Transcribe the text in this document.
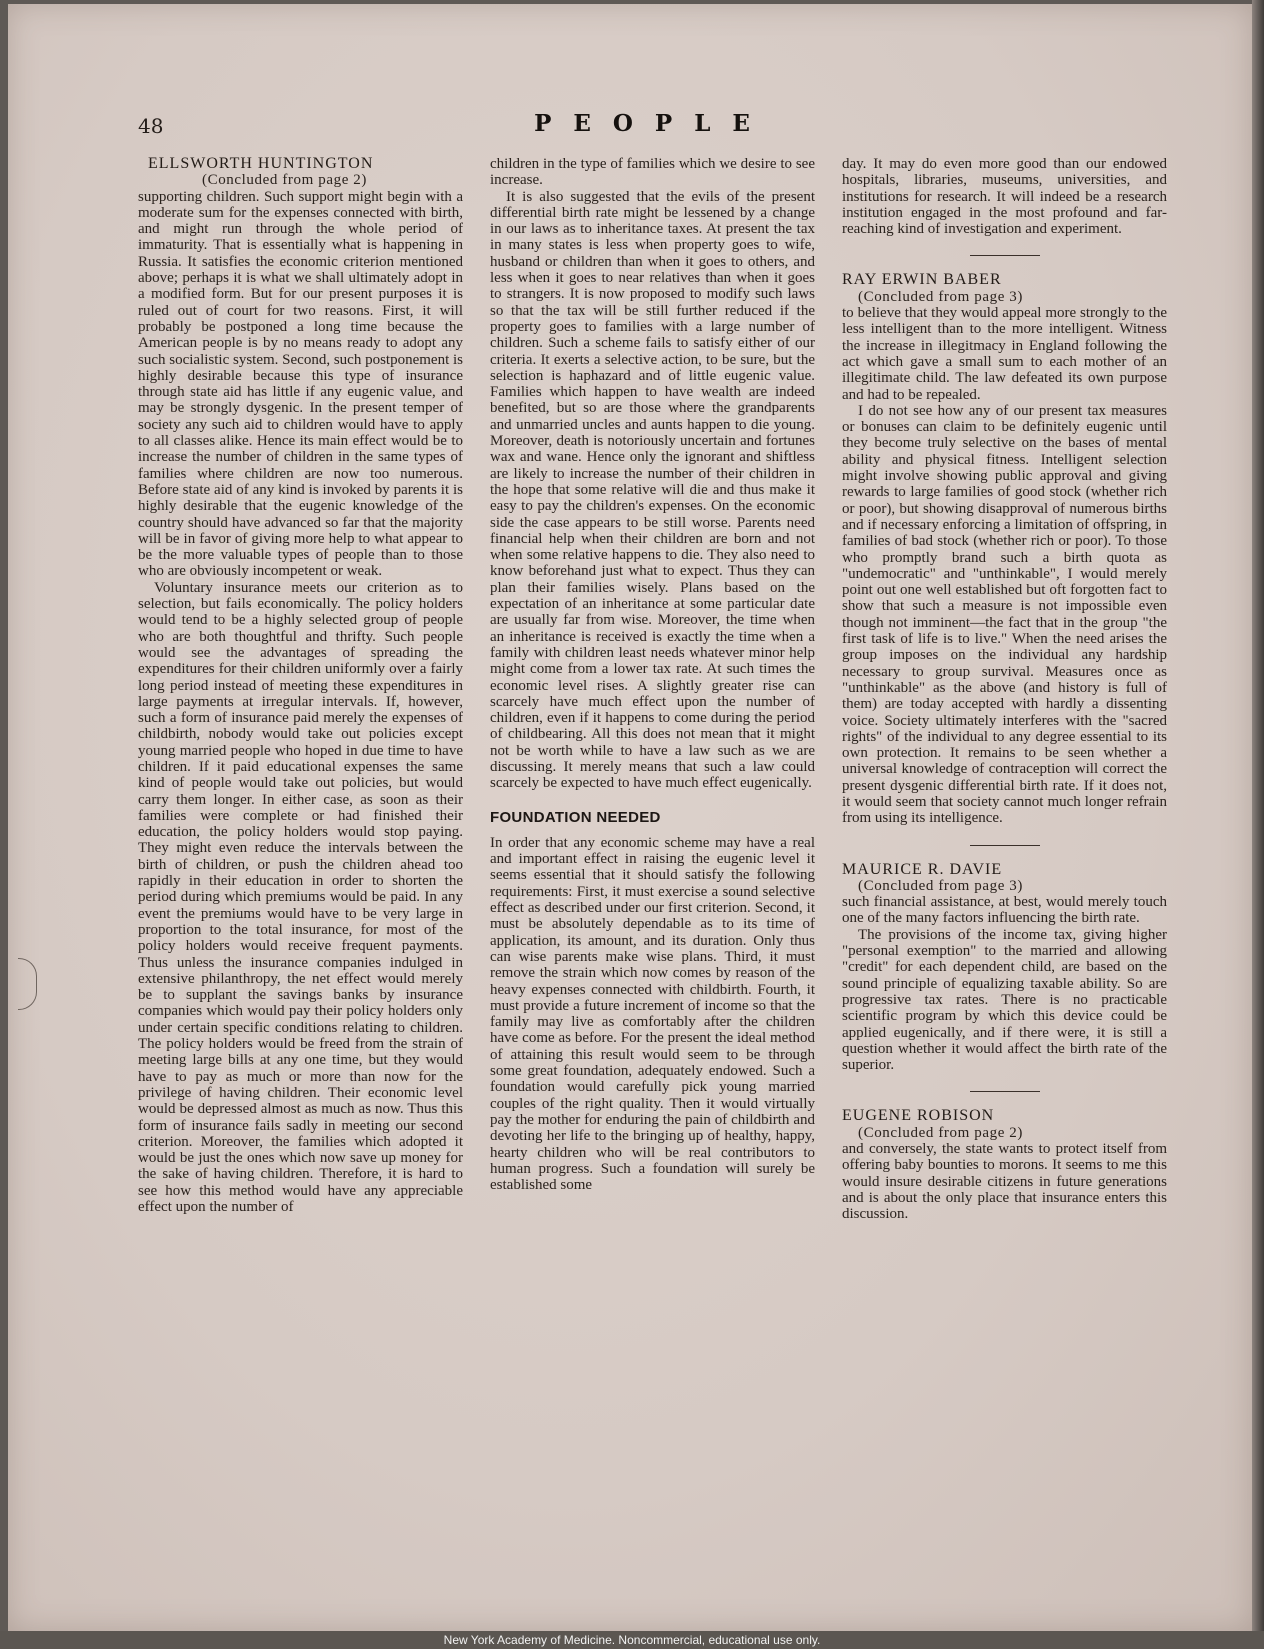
48	PEOPLE

ELLSWORTH HUNTINGTON

(Concluded from page 2)

supporting children. Such support might begin with a moderate sum for the expenses connected with birth, and might run through the whole period of immaturity. That is essentially what is happening in Russia. It satisfies the economic criterion mentioned above; perhaps it is what we shall ultimately adopt in a modified form. But for our present purposes it is ruled out of court for two reasons. First, it will probably be postponed a long time because the American people is by no means ready to adopt any such socialistic system. Second, such postponement is highly desirable because this type of insurance through state aid has little if any eugenic value, and may be strongly dysgenic. In the present temper of society any such aid to children would have to apply to all classes alike. Hence its main effect would be to increase the number of children in the same types of families where children are now too numerous. Before state aid of any kind is invoked by parents it is highly desirable that the eugenic knowledge of the country should have advanced so far that the majority will be in favor of giving more help to what appear to be the more valuable types of people than to those who are obviously incompetent or weak.

Voluntary insurance meets our criterion as to selection, but fails economically. The policy holders would tend to be a highly selected group of people who are both thoughtful and thrifty. Such people would see the advantages of spreading the expenditures for their children uniformly over a fairly long period instead of meeting these expenditures in large payments at irregular intervals. If, however, such a form of insurance paid merely the expenses of childbirth, nobody would take out policies except young married people who hoped in due time to have children. If it paid educational expenses the same kind of people would take out policies, but would carry them longer. In either case, as soon as their families were complete or had finished their education, the policy holders would stop paying. They might even reduce the intervals between the birth of children, or push the children ahead too rapidly in their education in order to shorten the period during which premiums would be paid. In any event the premiums would have to be very large in proportion to the total insurance, for most of the policy holders would receive frequent payments. Thus unless the insurance companies indulged in extensive philanthropy, the net effect would merely be to supplant the savings banks by insurance companies which would pay their policy holders only under certain specific conditions relating to children. The policy holders would be freed from the strain of meeting large bills at any one time, but they would have to pay as much or more than now for the privilege of having children. Their economic level would be depressed almost as much as now. Thus this form of insurance fails sadly in meeting our second criterion. Moreover, the families which adopted it would be just the ones which now save up money for the sake of having children. Therefore, it is hard to see how this method would have any appreciable effect upon the number of

children in the type of families which we desire to see increase.

It is also suggested that the evils of the present differential birth rate might be lessened by a change in our laws as to inheritance taxes. At present the tax in many states is less when property goes to wife, husband or children than when it goes to others, and less when it goes to near relatives than when it goes to strangers. It is now proposed to modify such laws so that the tax will be still further reduced if the property goes to families with a large number of children. Such a scheme fails to satisfy either of our criteria. It exerts a selective action, to be sure, but the selection is haphazard and of little eugenic value. Families which happen to have wealth are indeed benefited, but so are those where the grandparents and unmarried uncles and aunts happen to die young. Moreover, death is notoriously uncertain and fortunes wax and wane. Hence only the ignorant and shiftless are likely to increase the number of their children in the hope that some relative will die and thus make it easy to pay the children's expenses. On the economic side the case appears to be still worse. Parents need financial help when their children are born and not when some relative happens to die. They also need to know beforehand just what to expect. Thus they can plan their families wisely. Plans based on the expectation of an inheritance at some particular date are usually far from wise. Moreover, the time when an inheritance is received is exactly the time when a family with children least needs whatever minor help might come from a lower tax rate. At such times the economic level rises. A slightly greater rise can scarcely have much effect upon the number of children, even if it happens to come during the period of childbearing. All this does not mean that it might not be worth while to have a law such as we are discussing. It merely means that such a law could scarcely be expected to have much effect eugenically.

FOUNDATION NEEDED

In order that any economic scheme may have a real and important effect in raising the eugenic level it seems essential that it should satisfy the following requirements: First, it must exercise a sound selective effect as described under our first criterion. Second, it must be absolutely dependable as to its time of application, its amount, and its duration. Only thus can wise parents make wise plans. Third, it must remove the strain which now comes by reason of the heavy expenses connected with childbirth. Fourth, it must provide a future increment of income so that the family may live as comfortably after the children have come as before. For the present the ideal method of attaining this result would seem to be through some great foundation, adequately endowed. Such a foundation would carefully pick young married couples of the right quality. Then it would virtually pay the mother for enduring the pain of childbirth and devoting her life to the bringing up of healthy, happy, hearty children who will be real contributors to human progress. Such a foundation will surely be established some

day. It may do even more good than our endowed hospitals, libraries, museums, universities, and institutions for research. It will indeed be a research institution engaged in the most profound and far-reaching kind of investigation and experiment.

RAY ERWIN BABER

(Concluded from page 3)

to believe that they would appeal more strongly to the less intelligent than to the more intelligent. Witness the increase in illegitmacy in England following the act which gave a small sum to each mother of an illegitimate child. The law defeated its own purpose and had to be repealed.

I do not see how any of our present tax measures or bonuses can claim to be definitely eugenic until they become truly selective on the bases of mental ability and physical fitness. Intelligent selection might involve showing public approval and giving rewards to large families of good stock (whether rich or poor), but showing disapproval of numerous births and if necessary enforcing a limitation of offspring, in families of bad stock (whether rich or poor). To those who promptly brand such a birth quota as "undemocratic" and "unthinkable", I would merely point out one well established but oft forgotten fact to show that such a measure is not impossible even though not imminent—the fact that in the group "the first task of life is to live." When the need arises the group imposes on the individual any hardship necessary to group survival. Measures once as "unthinkable" as the above (and history is full of them) are today accepted with hardly a dissenting voice. Society ultimately interferes with the "sacred rights" of the individual to any degree essential to its own protection. It remains to be seen whether a universal knowledge of contraception will correct the present dysgenic differential birth rate. If it does not, it would seem that society cannot much longer refrain from using its intelligence.

MAURICE R. DAVIE

(Concluded from page 3)

such financial assistance, at best, would merely touch one of the many factors influencing the birth rate.

The provisions of the income tax, giving higher "personal exemption" to the married and allowing "credit" for each dependent child, are based on the sound principle of equalizing taxable ability. So are progressive tax rates. There is no practicable scientific program by which this device could be applied eugenically, and if there were, it is still a question whether it would affect the birth rate of the superior.

EUGENE ROBISON

(Concluded from page 2)

and conversely, the state wants to protect itself from offering baby bounties to morons. It seems to me this would insure desirable citizens in future generations and is about the only place that insurance enters this discussion.

New York Academy of Medicine. Noncommercial, educational use only.
